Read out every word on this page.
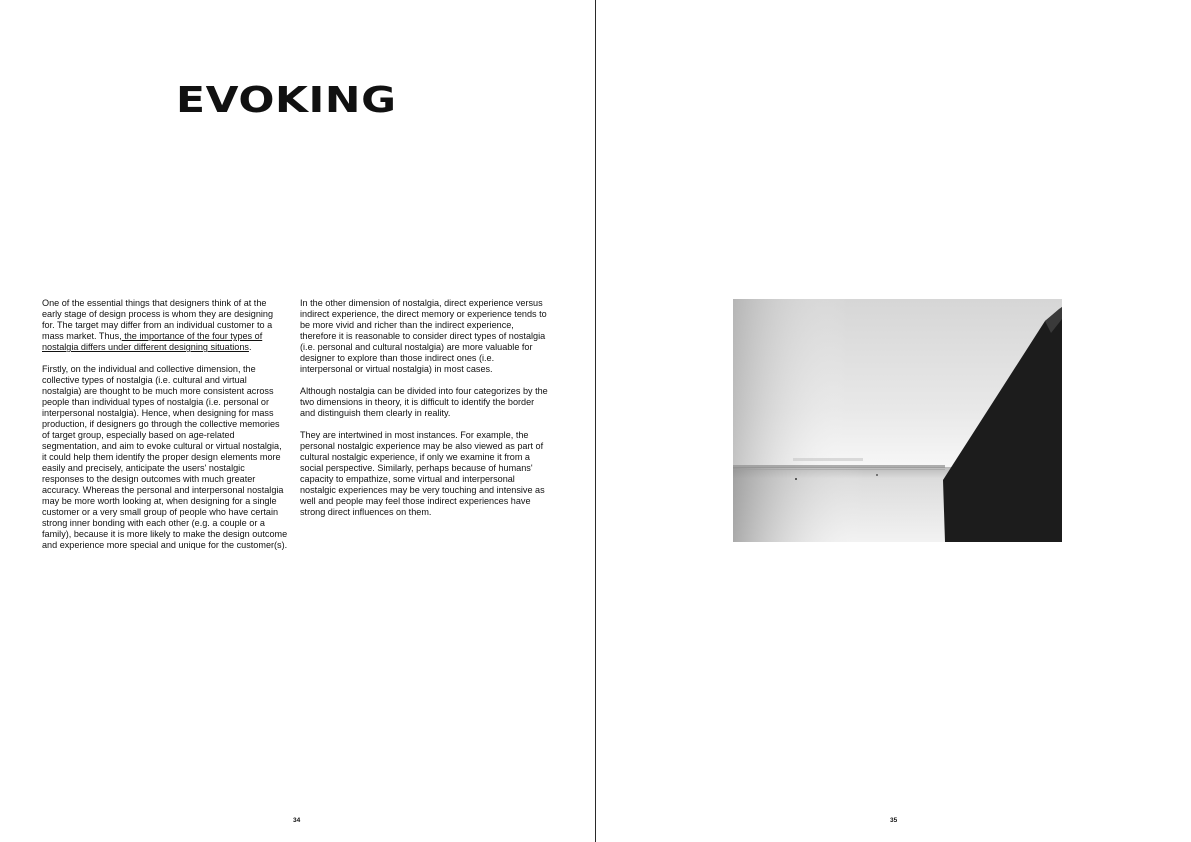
EVOKING

One of the essential things that designers think of at the early stage of design process is whom they are designing for. The target may differ from an individual customer to a mass market. Thus, the importance of the four types of nostalgia differs under different designing situations.

Firstly, on the individual and collective dimension, the collective types of nostalgia (i.e. cultural and virtual nostalgia) are thought to be much more consistent across people than individual types of nostalgia (i.e. personal or interpersonal nostalgia). Hence, when designing for mass production, if designers go through the collective memories of target group, especially based on age-related segmentation, and aim to evoke cultural or virtual nostalgia, it could help them identify the proper design elements more easily and precisely, anticipate the users' nostalgic responses to the design outcomes with much greater accuracy. Whereas the personal and interpersonal nostalgia may be more worth looking at, when designing for a single customer or a very small group of people who have certain strong inner bonding with each other (e.g. a couple or a family), because it is more likely to make the design outcome and experience more special and unique for the customer(s).

In the other dimension of nostalgia, direct experience versus indirect experience, the direct memory or experience tends to be more vivid and richer than the indirect experience, therefore it is reasonable to consider direct types of nostalgia (i.e. personal and cultural nostalgia) are more valuable for designer to explore than those indirect ones (i.e. interpersonal or virtual nostalgia) in most cases.

Although nostalgia can be divided into four categorizes by the two dimensions in theory, it is difficult to identify the border and distinguish them clearly in reality.

They are intertwined in most instances. For example, the personal nostalgic experience may be also viewed as part of cultural nostalgic experience, if only we examine it from a social perspective. Similarly, perhaps because of humans' capacity to empathize, some virtual and interpersonal nostalgic experiences may be very touching and intensive as well and people may feel those indirect experiences have strong direct influences on them.

34	35
